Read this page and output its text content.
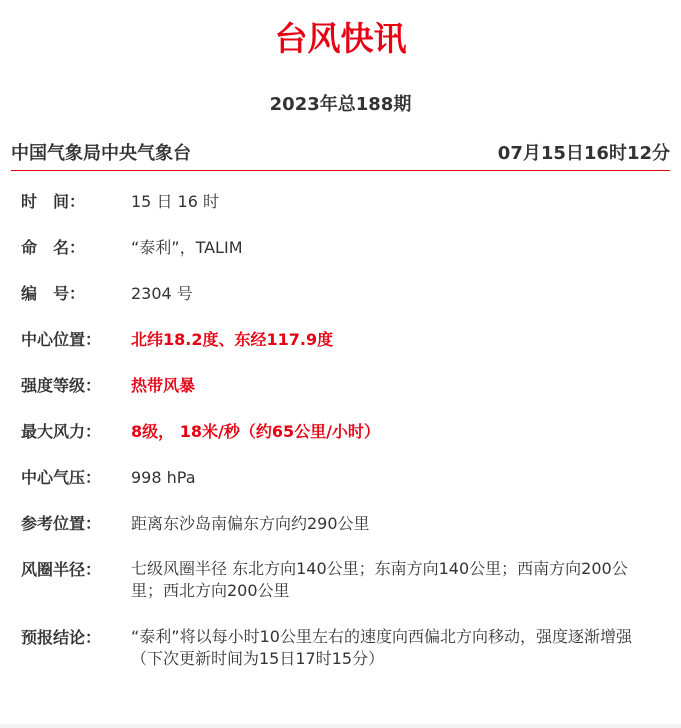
台风快讯
2023年总188期
中国气象局中央气象台	07月15日16时12分
时 间：	15 日 16 时
命 名：	“泰利”，TALIM
编 号：	2304 号
中心位置：	北纬18.2度、东经117.9度
强度等级：	热带风暴
最大风力：	8级， 18米/秒（约65公里/小时）
中心气压：	998 hPa
参考位置：	距离东沙岛南偏东方向约290公里
风圈半径：	七级风圈半径 东北方向140公里；东南方向140公里；西南方向200公里；西北方向200公里
预报结论：	“泰利”将以每小时10公里左右的速度向西偏北方向移动，强度逐渐增强
（下次更新时间为15日17时15分）
